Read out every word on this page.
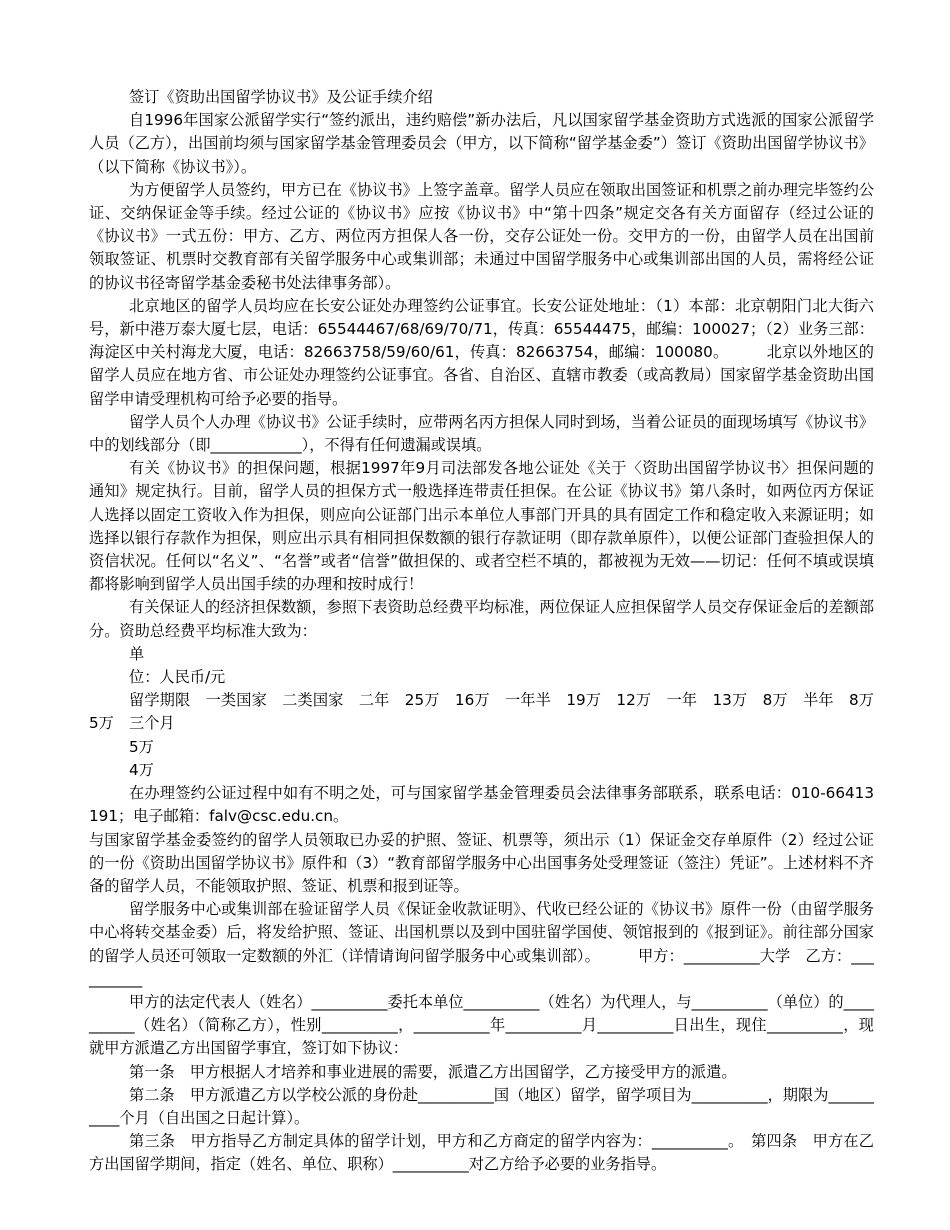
签订《资助出国留学协议书》及公证手续介绍

自1996年国家公派留学实行“签约派出，违约赔偿”新办法后，凡以国家留学基金资助方式选派的国家公派留学人员（乙方），出国前均须与国家留学基金管理委员会（甲方，以下简称“留学基金委”）签订《资助出国留学协议书》（以下简称《协议书》）。

为方便留学人员签约，甲方已在《协议书》上签字盖章。留学人员应在领取出国签证和机票之前办理完毕签约公证、交纳保证金等手续。经过公证的《协议书》应按《协议书》中“第十四条”规定交各有关方面留存（经过公证的《协议书》一式五份：甲方、乙方、两位丙方担保人各一份，交存公证处一份。交甲方的一份，由留学人员在出国前领取签证、机票时交教育部有关留学服务中心或集训部；未通过中国留学服务中心或集训部出国的人员，需将经公证的协议书径寄留学基金委秘书处法律事务部）。

北京地区的留学人员均应在长安公证处办理签约公证事宜。长安公证处地址：（1）本部：北京朝阳门北大街六号，新中港万泰大厦七层，电话：65544467/68/69/70/71，传真：65544475，邮编：100027；（2）业务三部：海淀区中关村海龙大厦，电话：82663758/59/60/61，传真：82663754，邮编：100080。　　　北京以外地区的留学人员应在地方省、市公证处办理签约公证事宜。各省、自治区、直辖市教委（或高教局）国家留学基金资助出国留学申请受理机构可给予必要的指导。

留学人员个人办理《协议书》公证手续时，应带两名丙方担保人同时到场，当着公证员的面现场填写《协议书》中的划线部分（即____________），不得有任何遗漏或误填。

有关《协议书》的担保问题，根据1997年9月司法部发各地公证处《关于〈资助出国留学协议书〉担保问题的通知》规定执行。目前，留学人员的担保方式一般选择连带责任担保。在公证《协议书》第八条时，如两位丙方保证人选择以固定工资收入作为担保，则应向公证部门出示本单位人事部门开具的具有固定工作和稳定收入来源证明；如选择以银行存款作为担保，则应出示具有相同担保数额的银行存款证明（即存款单原件），以便公证部门查验担保人的资信状况。任何以“名义”、“名誉”或者“信誉”做担保的、或者空栏不填的，都被视为无效——切记：任何不填或误填都将影响到留学人员出国手续的办理和按时成行！

有关保证人的经济担保数额，参照下表资助总经费平均标准，两位保证人应担保留学人员交存保证金后的差额部分。资助总经费平均标准大致为：

单

位：人民币/元

留学期限　一类国家　二类国家　二年　25万　16万　一年半　19万　12万　一年　13万　8万　半年　8万　5万　三个月

5万

4万

在办理签约公证过程中如有不明之处，可与国家留学基金管理委员会法律事务部联系，联系电话：010-66413191；电子邮箱：falv@csc.edu.cn。

与国家留学基金委签约的留学人员领取已办妥的护照、签证、机票等，须出示（1）保证金交存单原件（2）经过公证的一份《资助出国留学协议书》原件和（3）“教育部留学服务中心出国事务处受理签证（签注）凭证”。上述材料不齐备的留学人员，不能领取护照、签证、机票和报到证等。

留学服务中心或集训部在验证留学人员《保证金收款证明》、代收已经公证的《协议书》原件一份（由留学服务中心将转交基金委）后，将发给护照、签证、出国机票以及到中国驻留学国使、领馆报到的《报到证》。前往部分国家的留学人员还可领取一定数额的外汇（详情请询问留学服务中心或集训部）。　　　甲方：__________大学　乙方：__________

甲方的法定代表人（姓名）__________委托本单位__________（姓名）为代理人，与__________（单位）的__________（姓名）（简称乙方），性别__________，__________年__________月__________日出生，现住__________，现就甲方派遣乙方出国留学事宜，签订如下协议：

第一条　甲方根据人才培养和事业进展的需要，派遣乙方出国留学，乙方接受甲方的派遣。

第二条　甲方派遣乙方以学校公派的身份赴__________国（地区）留学，留学项目为__________，期限为__________个月（自出国之日起计算）。

第三条　甲方指导乙方制定具体的留学计划，甲方和乙方商定的留学内容为：__________。　第四条　甲方在乙方出国留学期间，指定（姓名、单位、职称）__________对乙方给予必要的业务指导。
